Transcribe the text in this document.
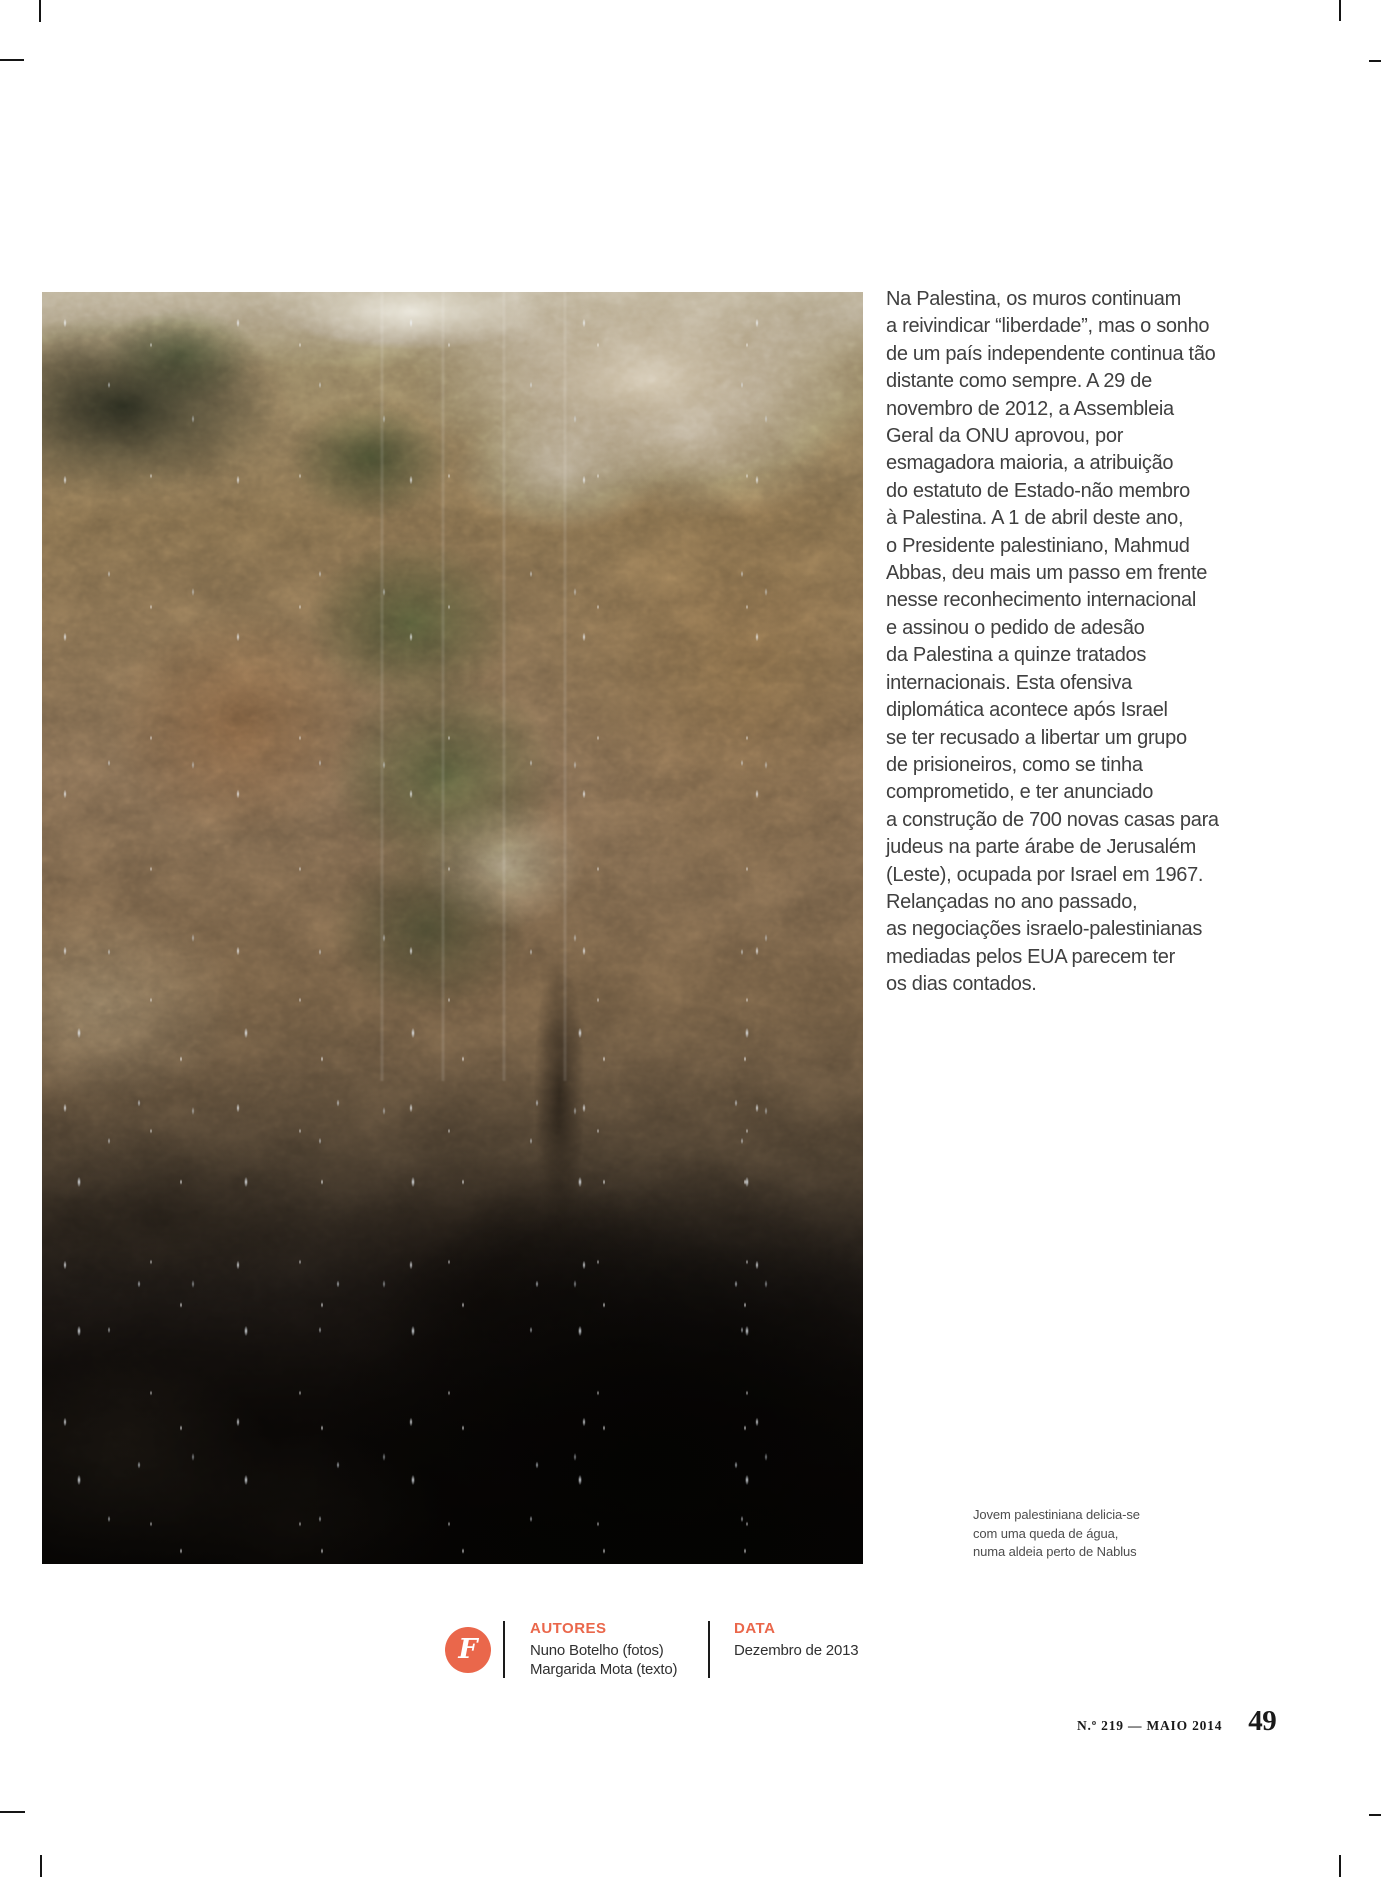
Na Palestina, os muros continuam
a reivindicar “liberdade”, mas o sonho
de um país independente continua tão
distante como sempre. A 29 de
novembro de 2012, a Assembleia
Geral da ONU aprovou, por
esmagadora maioria, a atribuição
do estatuto de Estado-não membro
à Palestina. A 1 de abril deste ano,
o Presidente palestiniano, Mahmud
Abbas, deu mais um passo em frente
nesse reconhecimento internacional
e assinou o pedido de adesão
da Palestina a quinze tratados
internacionais. Esta ofensiva
diplomática acontece após Israel
se ter recusado a libertar um grupo
de prisioneiros, como se tinha
comprometido, e ter anunciado
a construção de 700 novas casas para
judeus na parte árabe de Jerusalém
(Leste), ocupada por Israel em 1967.
Relançadas no ano passado,
as negociações israelo-palestinianas
mediadas pelos EUA parecem ter
os dias contados.
Jovem palestiniana delicia-se
com uma queda de água,
numa aldeia perto de Nablus
F
AUTORES
Nuno Botelho (fotos)
Margarida Mota (texto)
DATA
Dezembro de 2013
N.º 219 — MAIO 2014 49
